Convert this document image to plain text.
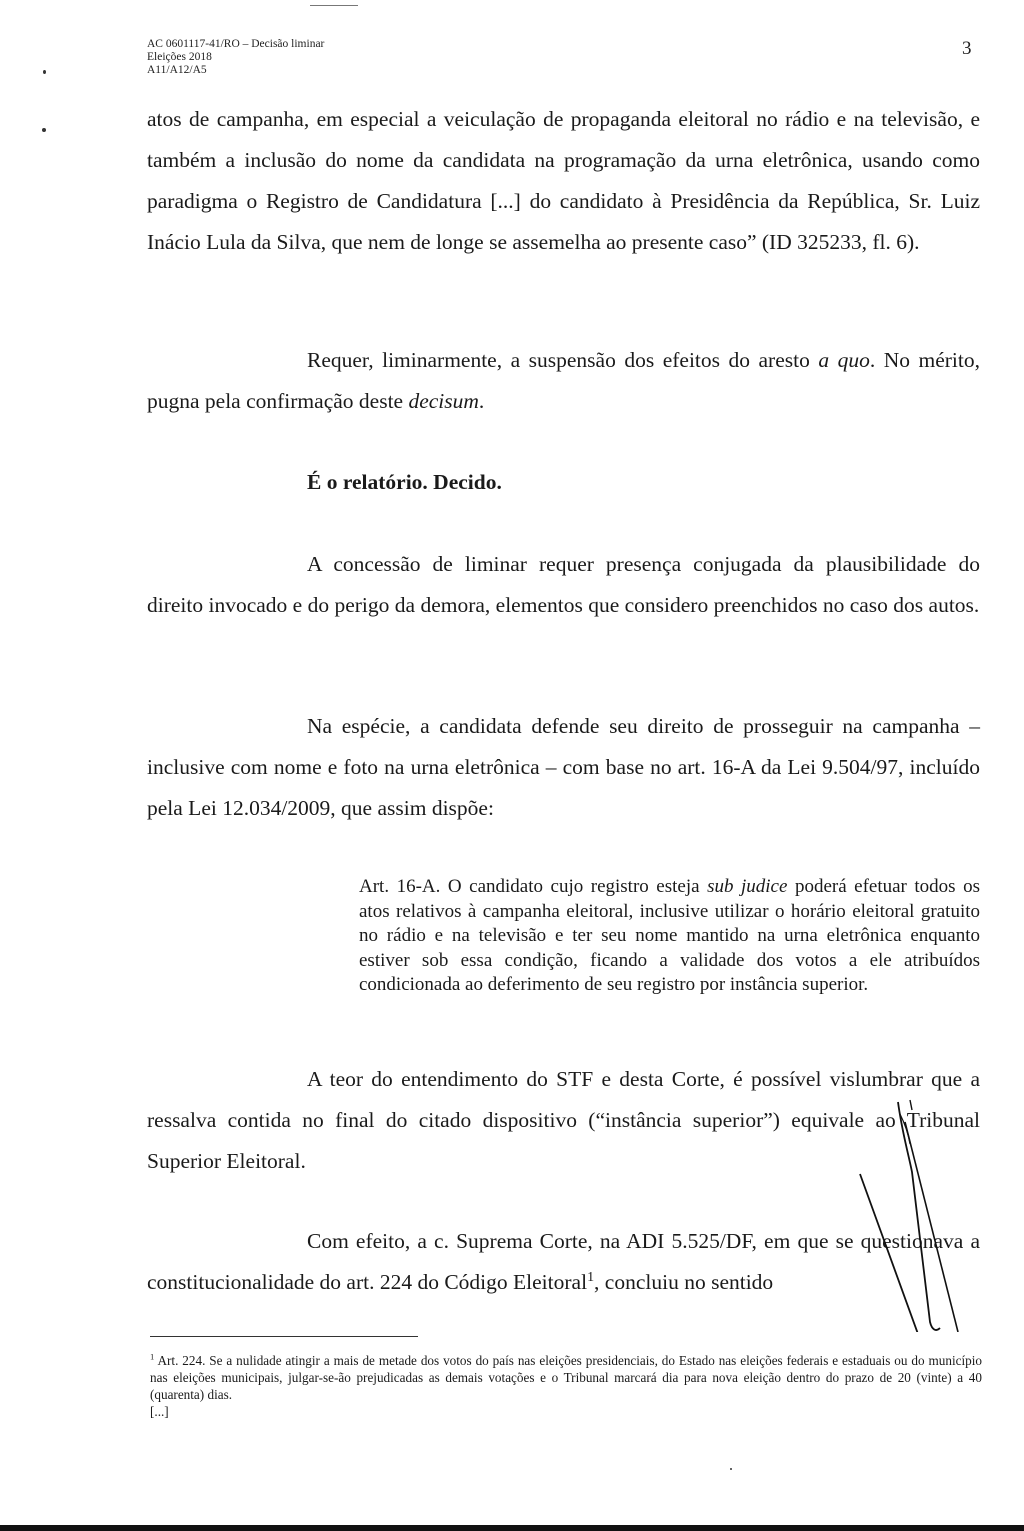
AC 0601117-41/RO – Decisão liminar
Eleições 2018
A11/A12/A5
3

atos de campanha, em especial a veiculação de propaganda eleitoral no rádio e na televisão, e também a inclusão do nome da candidata na programação da urna eletrônica, usando como paradigma o Registro de Candidatura [...] do candidato à Presidência da República, Sr. Luiz Inácio Lula da Silva, que nem de longe se assemelha ao presente caso” (ID 325233, fl. 6).

Requer, liminarmente, a suspensão dos efeitos do aresto a quo. No mérito, pugna pela confirmação deste decisum.

É o relatório. Decido.

A concessão de liminar requer presença conjugada da plausibilidade do direito invocado e do perigo da demora, elementos que considero preenchidos no caso dos autos.

Na espécie, a candidata defende seu direito de prosseguir na campanha – inclusive com nome e foto na urna eletrônica – com base no art. 16-A da Lei 9.504/97, incluído pela Lei 12.034/2009, que assim dispõe:

Art. 16-A. O candidato cujo registro esteja sub judice poderá efetuar todos os atos relativos à campanha eleitoral, inclusive utilizar o horário eleitoral gratuito no rádio e na televisão e ter seu nome mantido na urna eletrônica enquanto estiver sob essa condição, ficando a validade dos votos a ele atribuídos condicionada ao deferimento de seu registro por instância superior.

A teor do entendimento do STF e desta Corte, é possível vislumbrar que a ressalva contida no final do citado dispositivo (“instância superior”) equivale ao Tribunal Superior Eleitoral.

Com efeito, a c. Suprema Corte, na ADI 5.525/DF, em que se questionava a constitucionalidade do art. 224 do Código Eleitoral$^1$, concluiu no sentido

$^1$ Art. 224. Se a nulidade atingir a mais de metade dos votos do país nas eleições presidenciais, do Estado nas eleições federais e estaduais ou do município nas eleições municipais, julgar-se-ão prejudicadas as demais votações e o Tribunal marcará dia para nova eleição dentro do prazo de 20 (vinte) a 40 (quarenta) dias.
[...]
